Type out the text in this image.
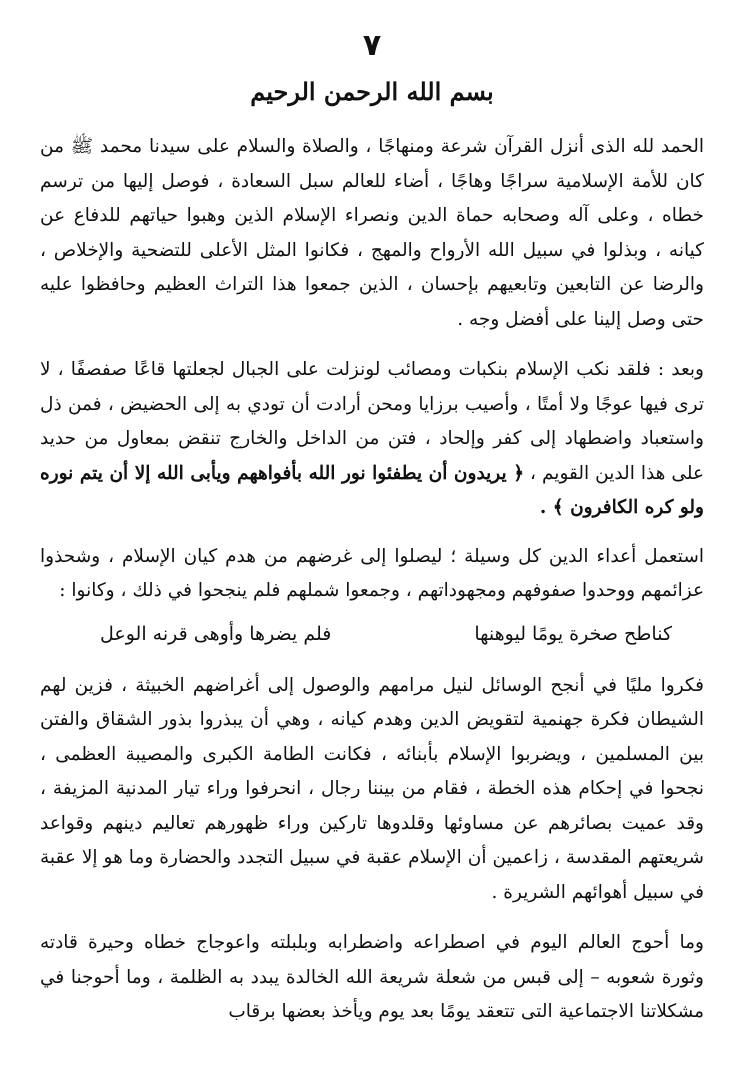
٧
بسم الله الرحمن الرحيم

الحمد لله الذى أنزل القرآن شرعة ومنهاجًا ، والصلاة والسلام على سيدنا محمد ﷺ من كان للأمة الإسلامية سراجًا وهاجًا ، أضاء للعالم سبل السعادة ، فوصل إليها من ترسم خطاه ، وعلى آله وصحابه حماة الدين ونصراء الإسلام الذين وهبوا حياتهم للدفاع عن كيانه ، وبذلوا في سبيل الله الأرواح والمهج ، فكانوا المثل الأعلى للتضحية والإخلاص ، والرضا عن التابعين وتابعيهم بإحسان ، الذين جمعوا هذا التراث العظيم وحافظوا عليه حتى وصل إلينا على أفضل وجه .

وبعد : فلقد نكب الإسلام بنكبات ومصائب لونزلت على الجبال لجعلتها قاعًا صفصفًا ، لا ترى فيها عوجًا ولا أمتًا ، وأصيب برزايا ومحن أرادت أن تودي به إلى الحضيض ، فمن ذل واستعباد واضطهاد إلى كفر وإلحاد ، فتن من الداخل والخارج تنقض بمعاول من حديد على هذا الدين القويم ، ﴿ يريدون أن يطفئوا نور الله بأفواههم ويأبى الله إلا أن يتم نوره ولو كره الكافرون ﴾ .

استعمل أعداء الدين كل وسيلة ؛ ليصلوا إلى غرضهم من هدم كيان الإسلام ، وشحذوا عزائمهم ووحدوا صفوفهم ومجهوداتهم ، وجمعوا شملهم فلم ينجحوا في ذلك ، وكانوا :

كناطح صخرة يومًا ليوهنها
فلم يضرها وأوهى قرنه الوعل

فكروا مليًا في أنجح الوسائل لنيل مرامهم والوصول إلى أغراضهم الخبيثة ، فزين لهم الشيطان فكرة جهنمية لتقويض الدين وهدم كيانه ، وهي أن يبذروا بذور الشقاق والفتن بين المسلمين ، ويضربوا الإسلام بأبنائه ، فكانت الطامة الكبرى والمصيبة العظمى ، نجحوا في إحكام هذه الخطة ، فقام من بيننا رجال ، انحرفوا وراء تيار المدنية المزيفة ، وقد عميت بصائرهم عن مساوئها وقلدوها تاركين وراء ظهورهم تعاليم دينهم وقواعد شريعتهم المقدسة ، زاعمين أن الإسلام عقبة في سبيل التجدد والحضارة وما هو إلا عقبة في سبيل أهوائهم الشريرة .

وما أحوج العالم اليوم في اصطراعه واضطرابه وبلبلته واعوجاج خطاه وحيرة قادته وثورة شعوبه – إلى قبس من شعلة شريعة الله الخالدة يبدد به الظلمة ، وما أحوجنا في مشكلاتنا الاجتماعية التى تتعقد يومًا بعد يوم ويأخذ بعضها برقاب
